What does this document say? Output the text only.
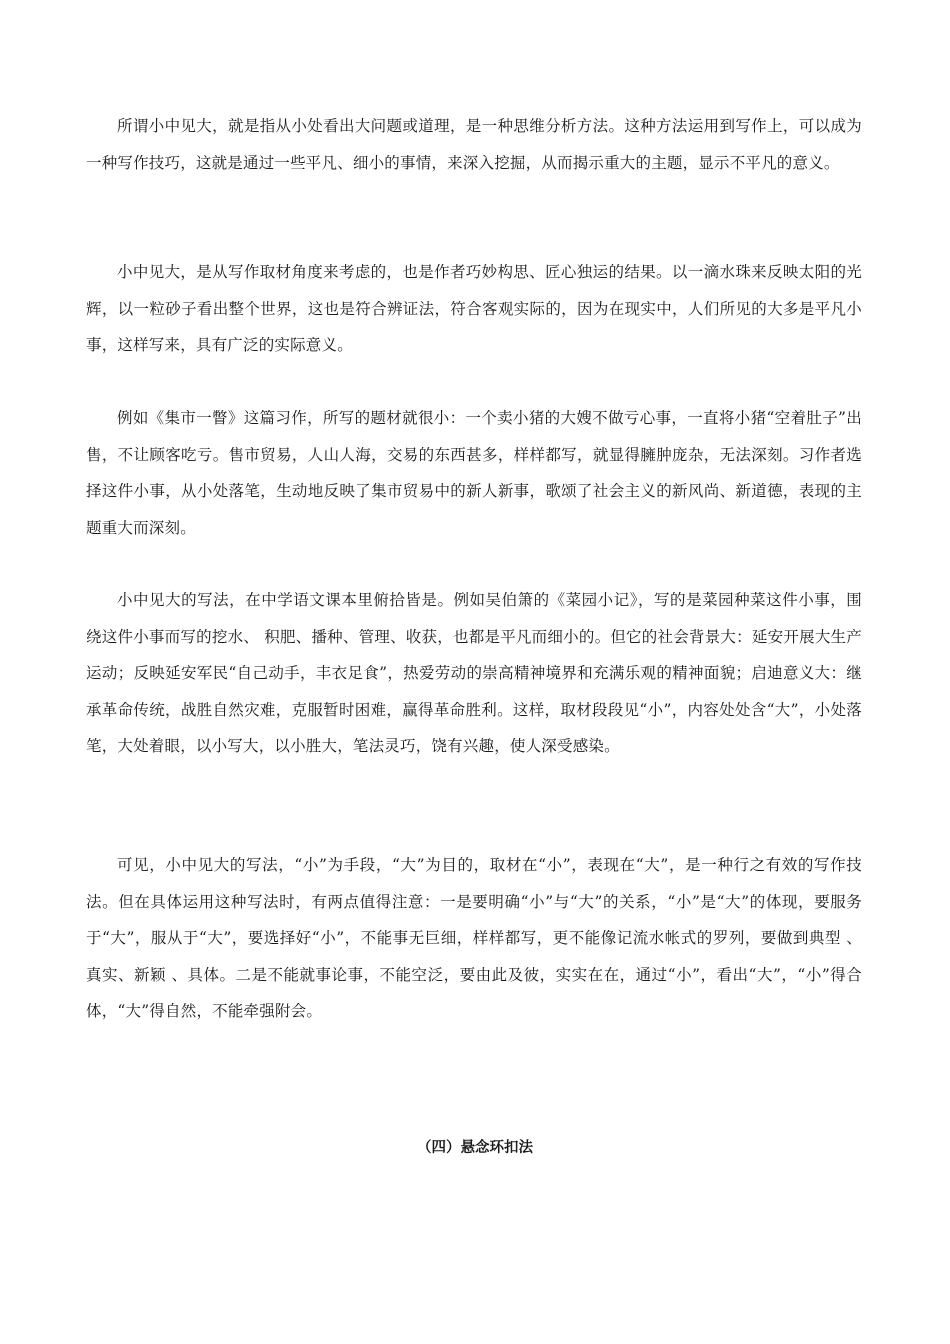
所谓小中见大，就是指从小处看出大问题或道理，是一种思维分析方法。这种方法运用到写作上，可以成为一种写作技巧，这就是通过一些平凡、细小的事情，来深入挖掘，从而揭示重大的主题，显示不平凡的意义。

小中见大，是从写作取材角度来考虑的，也是作者巧妙构思、匠心独运的结果。以一滴水珠来反映太阳的光辉，以一粒砂子看出整个世界，这也是符合辨证法，符合客观实际的，因为在现实中，人们所见的大多是平凡小事，这样写来，具有广泛的实际意义。

例如《集市一瞥》这篇习作，所写的题材就很小：一个卖小猪的大嫂不做亏心事，一直将小猪“空着肚子”出售，不让顾客吃亏。售市贸易，人山人海，交易的东西甚多，样样都写，就显得臃肿庞杂，无法深刻。习作者选择这件小事，从小处落笔，生动地反映了集市贸易中的新人新事，歌颂了社会主义的新风尚、新道德，表现的主题重大而深刻。

小中见大的写法，在中学语文课本里俯拾皆是。例如吴伯箫的《菜园小记》，写的是菜园种菜这件小事，围绕这件小事而写的挖水、 积肥、播种、管理、收获，也都是平凡而细小的。但它的社会背景大：延安开展大生产运动；反映延安军民“自己动手，丰衣足食”，热爱劳动的崇高精神境界和充满乐观的精神面貌；启迪意义大：继承革命传统，战胜自然灾难，克服暂时困难，赢得革命胜利。这样，取材段段见“小”，内容处处含“大”，小处落笔，大处着眼，以小写大，以小胜大，笔法灵巧，饶有兴趣，使人深受感染。

可见，小中见大的写法，“小”为手段，“大”为目的，取材在“小”，表现在“大”，是一种行之有效的写作技法。但在具体运用这种写法时，有两点值得注意：一是要明确“小”与“大”的关系，“小”是“大”的体现，要服务于“大”，服从于“大”，要选择好“小”，不能事无巨细，样样都写，更不能像记流水帐式的罗列，要做到典型 、真实、新颖 、具体。二是不能就事论事，不能空泛，要由此及彼，实实在在，通过“小”，看出“大”，“小”得合体，“大”得自然，不能牵强附会。

（四）悬念环扣法
